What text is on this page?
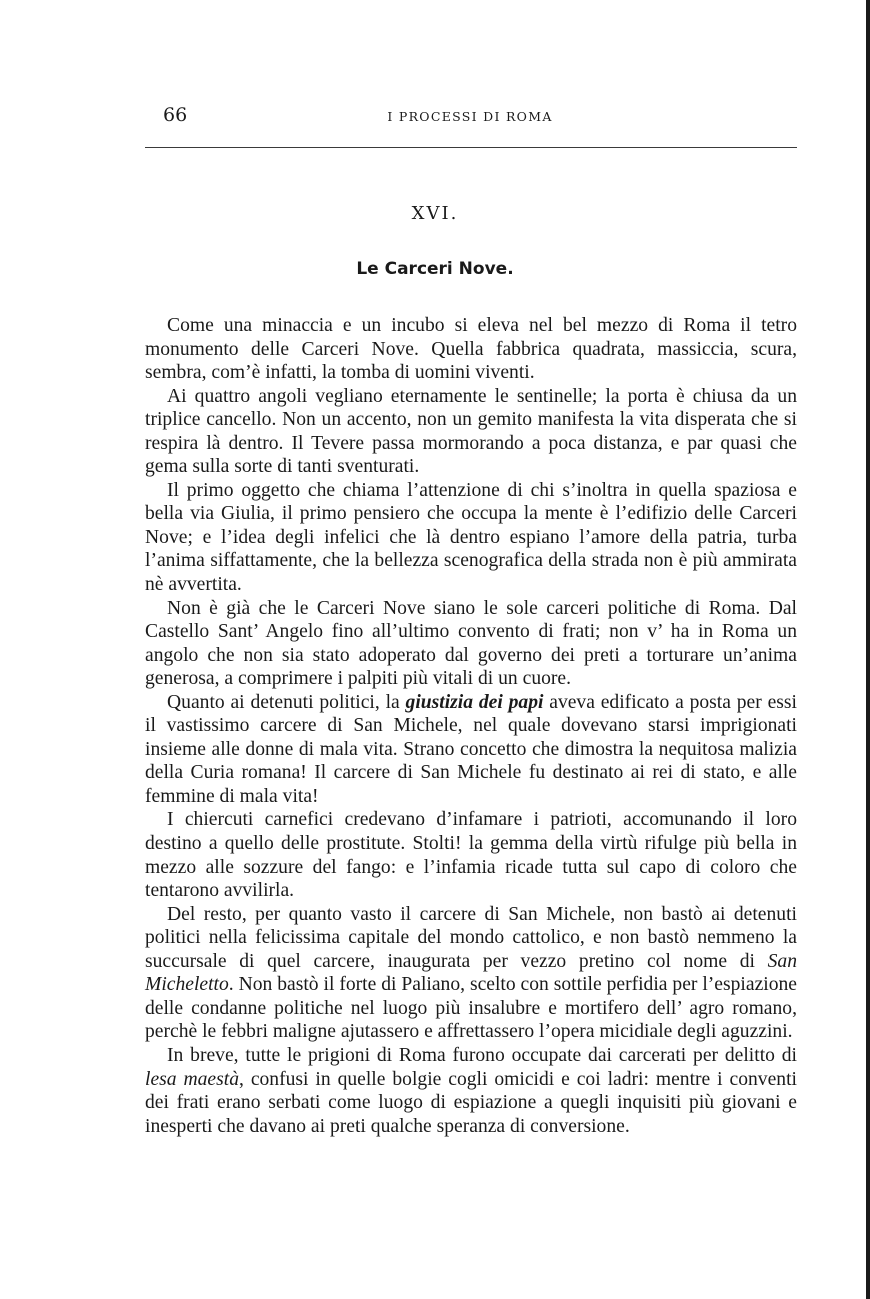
66	I PROCESSI DI ROMA
XVI.
Le Carceri Nove.

Come una minaccia e un incubo si eleva nel bel mezzo di Roma il tetro monumento delle Carceri Nove. Quella fabbrica quadrata, massiccia, scura, sembra, com’è infatti, la tomba di uomini viventi.

Ai quattro angoli vegliano eternamente le sentinelle; la porta è chiusa da un triplice cancello. Non un accento, non un gemito manifesta la vita disperata che si respira là dentro. Il Tevere passa mormorando a poca distanza, e par quasi che gema sulla sorte di tanti sventurati.

Il primo oggetto che chiama l’attenzione di chi s’inoltra in quella spaziosa e bella via Giulia, il primo pensiero che occupa la mente è l’edifizio delle Carceri Nove; e l’idea degli infelici che là dentro espiano l’amore della patria, turba l’anima siffattamente, che la bellezza scenografica della strada non è più ammirata nè avvertita.

Non è già che le Carceri Nove siano le sole carceri politiche di Roma. Dal Castello Sant’ Angelo fino all’ultimo convento di frati; non v’ ha in Roma un angolo che non sia stato adoperato dal governo dei preti a torturare un’anima generosa, a comprimere i palpiti più vitali di un cuore.

Quanto ai detenuti politici, la giustizia dei papi aveva edificato a posta per essi il vastissimo carcere di San Michele, nel quale dovevano starsi imprigionati insieme alle donne di mala vita. Strano concetto che dimostra la nequitosa malizia della Curia romana! Il carcere di San Michele fu destinato ai rei di stato, e alle femmine di mala vita!

I chiercuti carnefici credevano d’infamare i patrioti, accomunando il loro destino a quello delle prostitute. Stolti! la gemma della virtù rifulge più bella in mezzo alle sozzure del fango: e l’infamia ricade tutta sul capo di coloro che tentarono avvilirla.

Del resto, per quanto vasto il carcere di San Michele, non bastò ai detenuti politici nella felicissima capitale del mondo cattolico, e non bastò nemmeno la succursale di quel carcere, inaugurata per vezzo pretino col nome di San Micheletto. Non bastò il forte di Paliano, scelto con sottile perfidia per l’espiazione delle condanne politiche nel luogo più insalubre e mortifero dell’ agro romano, perchè le febbri maligne ajutassero e affrettassero l’opera micidiale degli aguzzini.

In breve, tutte le prigioni di Roma furono occupate dai carcerati per delitto di lesa maestà, confusi in quelle bolgie cogli omicidi e coi ladri: mentre i conventi dei frati erano serbati come luogo di espiazione a quegli inquisiti più giovani e inesperti che davano ai preti qualche speranza di conversione.
